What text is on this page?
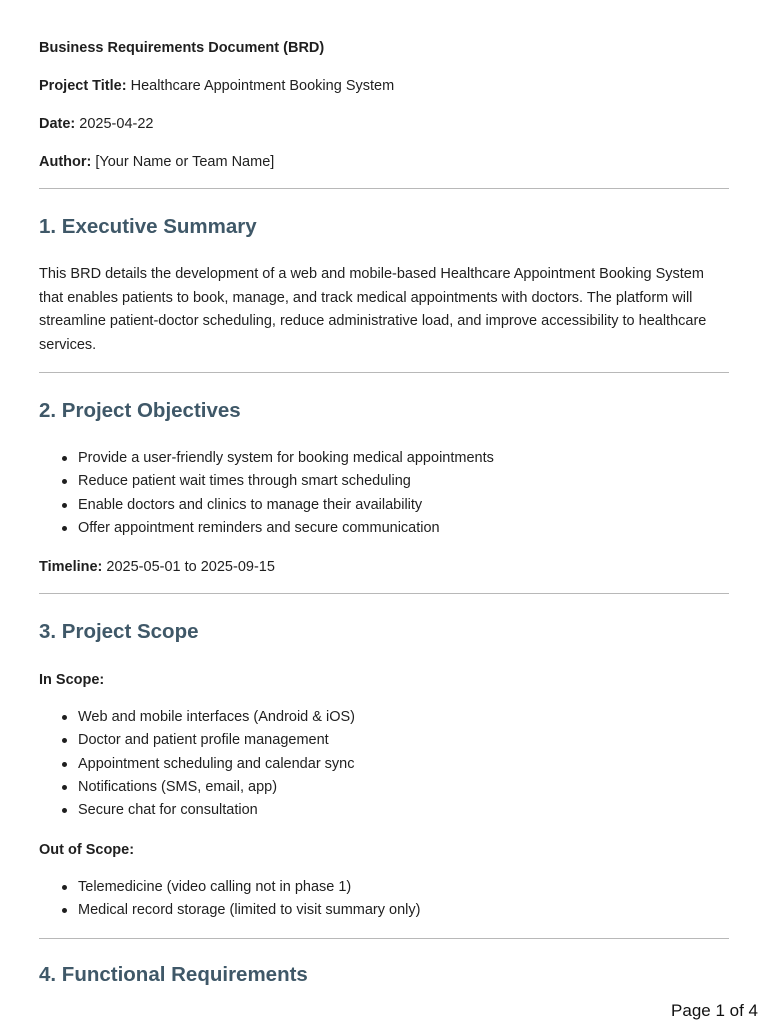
Business Requirements Document (BRD)

Project Title: Healthcare Appointment Booking System

Date: 2025-04-22

Author: [Your Name or Team Name]

1. Executive Summary

This BRD details the development of a web and mobile-based Healthcare Appointment Booking System that enables patients to book, manage, and track medical appointments with doctors. The platform will streamline patient-doctor scheduling, reduce administrative load, and improve accessibility to healthcare services.

2. Project Objectives
Provide a user-friendly system for booking medical appointments
Reduce patient wait times through smart scheduling
Enable doctors and clinics to manage their availability
Offer appointment reminders and secure communication

Timeline: 2025-05-01 to 2025-09-15

3. Project Scope

In Scope:

Web and mobile interfaces (Android & iOS)
Doctor and patient profile management
Appointment scheduling and calendar sync
Notifications (SMS, email, app)
Secure chat for consultation

Out of Scope:

Telemedicine (video calling not in phase 1)
Medical record storage (limited to visit summary only)
4. Functional Requirements
Page 1 of 4
